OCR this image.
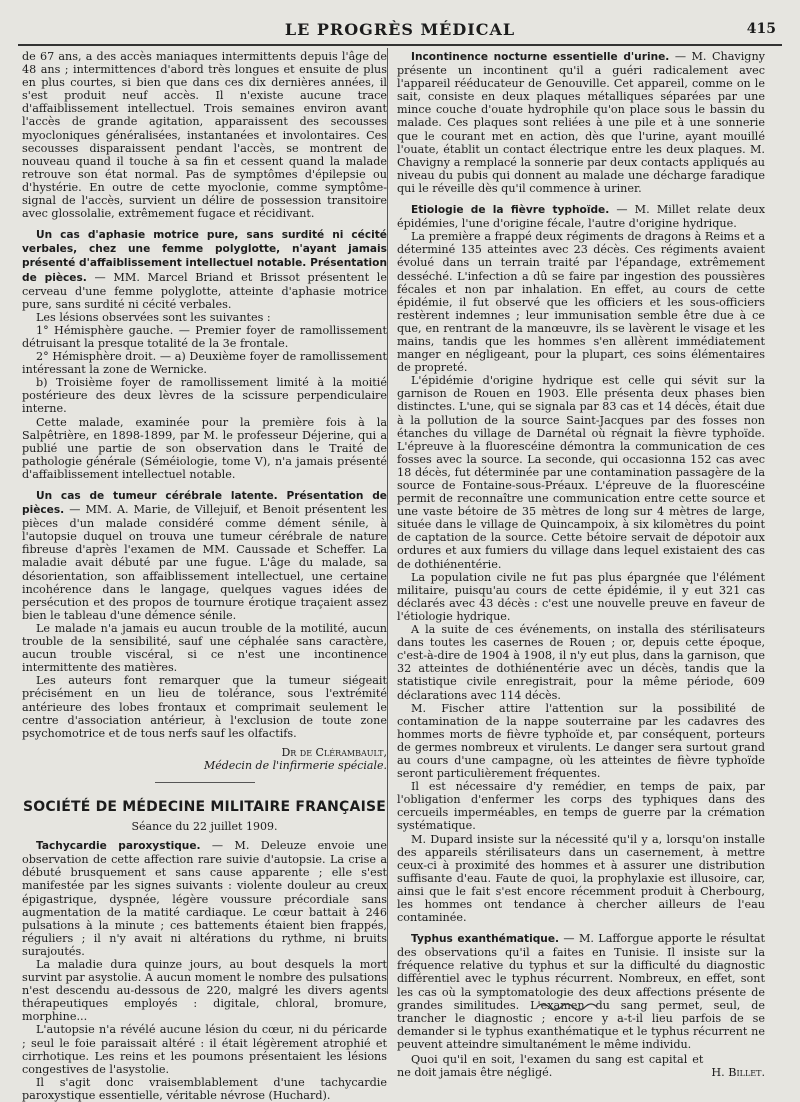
LE PROGRÈS MÉDICAL	415

de 67 ans, a des accès maniaques intermittents depuis l'âge de 48 ans ; intermittences d'abord très longues et ensuite de plus en plus courtes, si bien que dans ces dix dernières années, il s'est produit neuf accès. Il n'existe aucune trace d'affaiblissement intellectuel. Trois semaines environ avant l'accès de grande agitation, apparaissent des secousses myocloniques généralisées, instantanées et involontaires. Ces secousses disparaissent pendant l'accès, se montrent de nouveau quand il touche à sa fin et cessent quand la malade retrouve son état normal. Pas de symptômes d'épilepsie ou d'hystérie. En outre de cette myoclonie, comme symptôme-signal de l'accès, survient un délire de possession transitoire avec glossolalie, extrêmement fugace et récidivant.

Un cas d'aphasie motrice pure, sans surdité ni cécité verbales, chez une femme polyglotte, n'ayant jamais présenté d'affaiblissement intellectuel notable. Présentation de pièces. — MM. Marcel Briand et Brissot présentent le cerveau d'une femme polyglotte, atteinte d'aphasie motrice pure, sans surdité ni cécité verbales.

Les lésions observées sont les suivantes :

1° Hémisphère gauche. — Premier foyer de ramollissement détruisant la presque totalité de la 3e frontale.

2° Hémisphère droit. — a) Deuxième foyer de ramollissement intéressant la zone de Wernicke.

b) Troisième foyer de ramollissement limité à la moitié postérieure des deux lèvres de la scissure perpendiculaire interne.

Cette malade, examinée pour la première fois à la Salpêtrière, en 1898-1899, par M. le professeur Déjerine, qui a publié une partie de son observation dans le Traité de pathologie générale (Séméiologie, tome V), n'a jamais présenté d'affaiblissement intellectuel notable.

Un cas de tumeur cérébrale latente. Présentation de pièces. — MM. A. Marie, de Villejuif, et Benoit présentent les pièces d'un malade considéré comme dément sénile, à l'autopsie duquel on trouva une tumeur cérébrale de nature fibreuse d'après l'examen de MM. Caussade et Scheffer. La maladie avait débuté par une fugue. L'âge du malade, sa désorientation, son affaiblissement intellectuel, une certaine incohérence dans le langage, quelques vagues idées de persécution et des propos de tournure érotique traçaient assez bien le tableau d'une démence sénile.

Le malade n'a jamais eu aucun trouble de la motilité, aucun trouble de la sensibilité, sauf une céphalée sans caractère, aucun trouble viscéral, si ce n'est une incontinence intermittente des matières.

Les auteurs font remarquer que la tumeur siégeait précisément en un lieu de tolérance, sous l'extrémité antérieure des lobes frontaux et comprimait seulement le centre d'association antérieur, à l'exclusion de toute zone psychomotrice et de tous nerfs sauf les olfactifs.

Dr de Clérambault,
Médecin de l'infirmerie spéciale.
SOCIÉTÉ DE MÉDECINE MILITAIRE FRANÇAISE
Séance du 22 juillet 1909.

Tachycardie paroxystique. — M. Deleuze envoie une observation de cette affection rare suivie d'autopsie. La crise a débuté brusquement et sans cause apparente ; elle s'est manifestée par les signes suivants : violente douleur au creux épigastrique, dyspnée, légère voussure précordiale sans augmentation de la matité cardiaque. Le cœur battait à 246 pulsations à la minute ; ces battements étaient bien frappés, réguliers ; il n'y avait ni altérations du rythme, ni bruits surajoutés.

La maladie dura quinze jours, au bout desquels la mort survint par asystolie. A aucun moment le nombre des pulsations n'est descendu au-dessous de 220, malgré les divers agents thérapeutiques employés : digitale, chloral, bromure, morphine...

L'autopsie n'a révélé aucune lésion du cœur, ni du péricarde ; seul le foie paraissait altéré : il était légèrement atrophié et cirrhotique. Les reins et les poumons présentaient les lésions congestives de l'asystolie.

Il s'agit donc vraisemblablement d'une tachycardie paroxystique essentielle, véritable névrose (Huchard).

Incontinence nocturne essentielle d'urine. — M. Chavigny présente un incontinent qu'il a guéri radicalement avec l'appareil rééducateur de Genouville. Cet appareil, comme on le sait, consiste en deux plaques métalliques séparées par une mince couche d'ouate hydrophile qu'on place sous le bassin du malade. Ces plaques sont reliées à une pile et à une sonnerie que le courant met en action, dès que l'urine, ayant mouillé l'ouate, établit un contact électrique entre les deux plaques. M. Chavigny a remplacé la sonnerie par deux contacts appliqués au niveau du pubis qui donnent au malade une décharge faradique qui le réveille dès qu'il commence à uriner.

Etiologie de la fièvre typhoïde. — M. Millet relate deux épidémies, l'une d'origine fécale, l'autre d'origine hydrique.

La première a frappé deux régiments de dragons à Reims et a déterminé 135 atteintes avec 23 décès. Ces régiments avaient évolué dans un terrain traité par l'épandage, extrêmement desséché. L'infection a dû se faire par ingestion des poussières fécales et non par inhalation. En effet, au cours de cette épidémie, il fut observé que les officiers et les sous-officiers restèrent indemnes ; leur immunisation semble être due à ce que, en rentrant de la manœuvre, ils se lavèrent le visage et les mains, tandis que les hommes s'en allèrent immédiatement manger en négligeant, pour la plupart, ces soins élémentaires de propreté.

L'épidémie d'origine hydrique est celle qui sévit sur la garnison de Rouen en 1903. Elle présenta deux phases bien distinctes. L'une, qui se signala par 83 cas et 14 décès, était due à la pollution de la source Saint-Jacques par des fosses non étanches du village de Darnétal où régnait la fièvre typhoïde. L'épreuve à la fluorescéine démontra la communication de ces fosses avec la source. La seconde, qui occasionna 152 cas avec 18 décès, fut déterminée par une contamination passagère de la source de Fontaine-sous-Préaux. L'épreuve de la fluorescéine permit de reconnaître une communication entre cette source et une vaste bétoire de 35 mètres de long sur 4 mètres de large, située dans le village de Quincampoix, à six kilomètres du point de captation de la source. Cette bétoire servait de dépotoir aux ordures et aux fumiers du village dans lequel existaient des cas de dothiénentérie.

La population civile ne fut pas plus épargnée que l'élément militaire, puisqu'au cours de cette épidémie, il y eut 321 cas déclarés avec 43 décès : c'est une nouvelle preuve en faveur de l'étiologie hydrique.

A la suite de ces événements, on installa des stérilisateurs dans toutes les casernes de Rouen ; or, depuis cette époque, c'est-à-dire de 1904 à 1908, il n'y eut plus, dans la garnison, que 32 atteintes de dothiénentérie avec un décès, tandis que la statistique civile enregistrait, pour la même période, 609 déclarations avec 114 décès.

M. Fischer attire l'attention sur la possibilité de contamination de la nappe souterraine par les cadavres des hommes morts de fièvre typhoïde et, par conséquent, porteurs de germes nombreux et virulents. Le danger sera surtout grand au cours d'une campagne, où les atteintes de fièvre typhoïde seront particulièrement fréquentes.

Il est nécessaire d'y remédier, en temps de paix, par l'obligation d'enfermer les corps des typhiques dans des cercueils imperméables, en temps de guerre par la crémation systématique.

M. Dupard insiste sur la nécessité qu'il y a, lorsqu'on installe des appareils stérilisateurs dans un casernement, à mettre ceux-ci à proximité des hommes et à assurer une distribution suffisante d'eau. Faute de quoi, la prophylaxie est illusoire, car, ainsi que le fait s'est encore récemment produit à Cherbourg, les hommes ont tendance à chercher ailleurs de l'eau contaminée.

Typhus exanthématique. — M. Lafforgue apporte le résultat des observations qu'il a faites en Tunisie. Il insiste sur la fréquence relative du typhus et sur la difficulté du diagnostic différentiel avec le typhus récurrent. Nombreux, en effet, sont les cas où la symptomatologie des deux affections présente de grandes similitudes. L'examen du sang permet, seul, de trancher le diagnostic ; encore y a-t-il lieu parfois de se demander si le typhus exanthématique et le typhus récurrent ne peuvent atteindre simultanément le même individu.

Quoi qu'il en soit, l'examen du sang est capital et ne doit jamais être négligé.	H. Billet.
